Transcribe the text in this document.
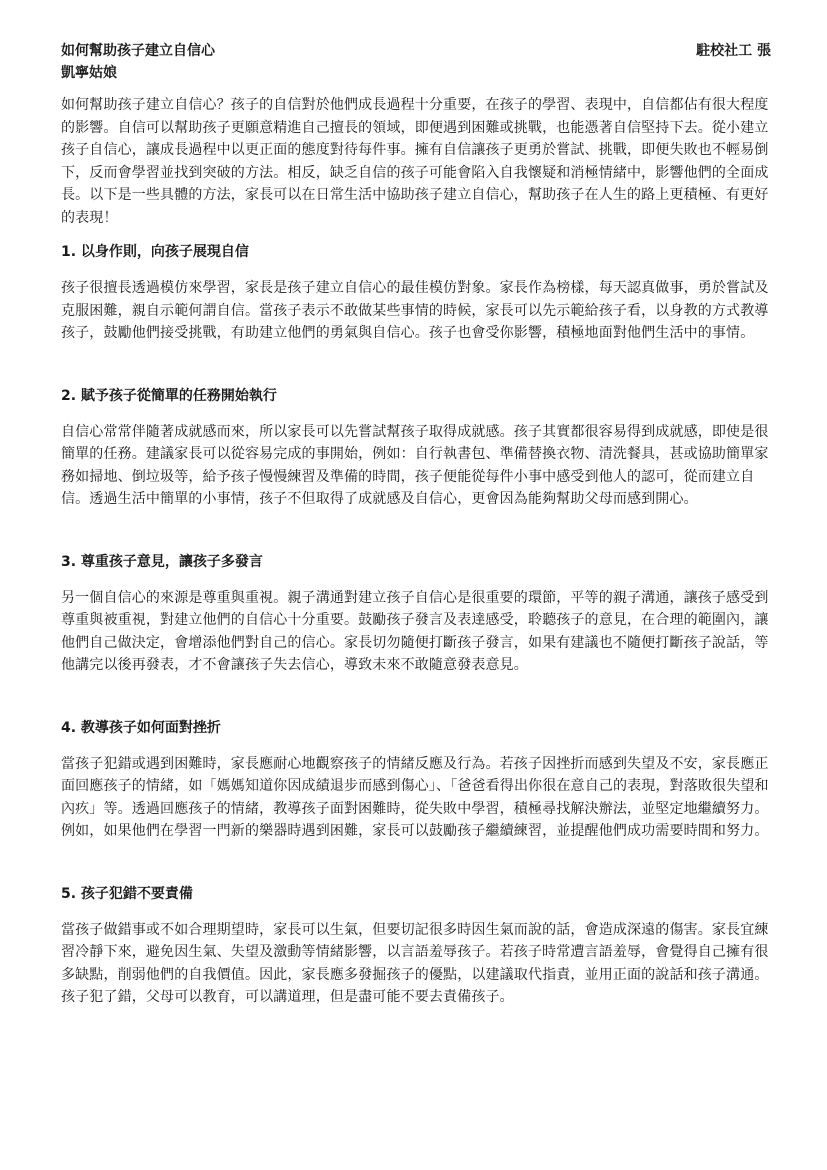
如何幫助孩子建立自信心
凱寧姑娘
駐校社工 張

如何幫助孩子建立自信心？孩子的自信對於他們成長過程十分重要，在孩子的學習、表現中，自信都佔有很大程度的影響。自信可以幫助孩子更願意精進自己擅長的領域，即便遇到困難或挑戰，也能憑著自信堅持下去。從小建立孩子自信心，讓成長過程中以更正面的態度對待每件事。擁有自信讓孩子更勇於嘗試、挑戰，即便失敗也不輕易倒下，反而會學習並找到突破的方法。相反，缺乏自信的孩子可能會陷入自我懷疑和消極情緒中，影響他們的全面成長。以下是一些具體的方法，家長可以在日常生活中協助孩子建立自信心，幫助孩子在人生的路上更積極、有更好的表現！

1. 以身作則，向孩子展現自信

孩子很擅長透過模仿來學習，家長是孩子建立自信心的最佳模仿對象。家長作為榜樣，每天認真做事，勇於嘗試及克服困難，親自示範何謂自信。當孩子表示不敢做某些事情的時候，家長可以先示範給孩子看，以身教的方式教導孩子，鼓勵他們接受挑戰，有助建立他們的勇氣與自信心。孩子也會受你影響，積極地面對他們生活中的事情。

2. 賦予孩子從簡單的任務開始執行

自信心常常伴隨著成就感而來，所以家長可以先嘗試幫孩子取得成就感。孩子其實都很容易得到成就感，即使是很簡單的任務。建議家長可以從容易完成的事開始，例如：自行執書包、準備替換衣物、清洗餐具，甚或協助簡單家務如掃地、倒垃圾等，給予孩子慢慢練習及準備的時間，孩子便能從每件小事中感受到他人的認可，從而建立自信。透過生活中簡單的小事情，孩子不但取得了成就感及自信心，更會因為能夠幫助父母而感到開心。

3. 尊重孩子意見，讓孩子多發言

另一個自信心的來源是尊重與重視。親子溝通對建立孩子自信心是很重要的環節，平等的親子溝通，讓孩子感受到尊重與被重視，對建立他們的自信心十分重要。鼓勵孩子發言及表達感受，聆聽孩子的意見，在合理的範圍內，讓他們自己做決定，會增添他們對自己的信心。家長切勿隨便打斷孩子發言，如果有建議也不隨便打斷孩子說話，等他講完以後再發表，才不會讓孩子失去信心，導致未來不敢隨意發表意見。

4. 教導孩子如何面對挫折

當孩子犯錯或遇到困難時，家長應耐心地觀察孩子的情緒反應及行為。若孩子因挫折而感到失望及不安，家長應正面回應孩子的情緒，如「媽媽知道你因成績退步而感到傷心」、「爸爸看得出你很在意自己的表現，對落敗很失望和內疚」等。透過回應孩子的情緒，教導孩子面對困難時，從失敗中學習，積極尋找解決辦法，並堅定地繼續努力。例如，如果他們在學習一門新的樂器時遇到困難，家長可以鼓勵孩子繼續練習，並提醒他們成功需要時間和努力。

5. 孩子犯錯不要責備

當孩子做錯事或不如合理期望時，家長可以生氣，但要切記很多時因生氣而說的話，會造成深遠的傷害。家長宜練習冷靜下來，避免因生氣、失望及激動等情緒影響，以言語羞辱孩子。若孩子時常遭言語羞辱，會覺得自己擁有很多缺點，削弱他們的自我價值。因此，家長應多發掘孩子的優點，以建議取代指責，並用正面的說話和孩子溝通。孩子犯了錯，父母可以教育，可以講道理，但是盡可能不要去責備孩子。
